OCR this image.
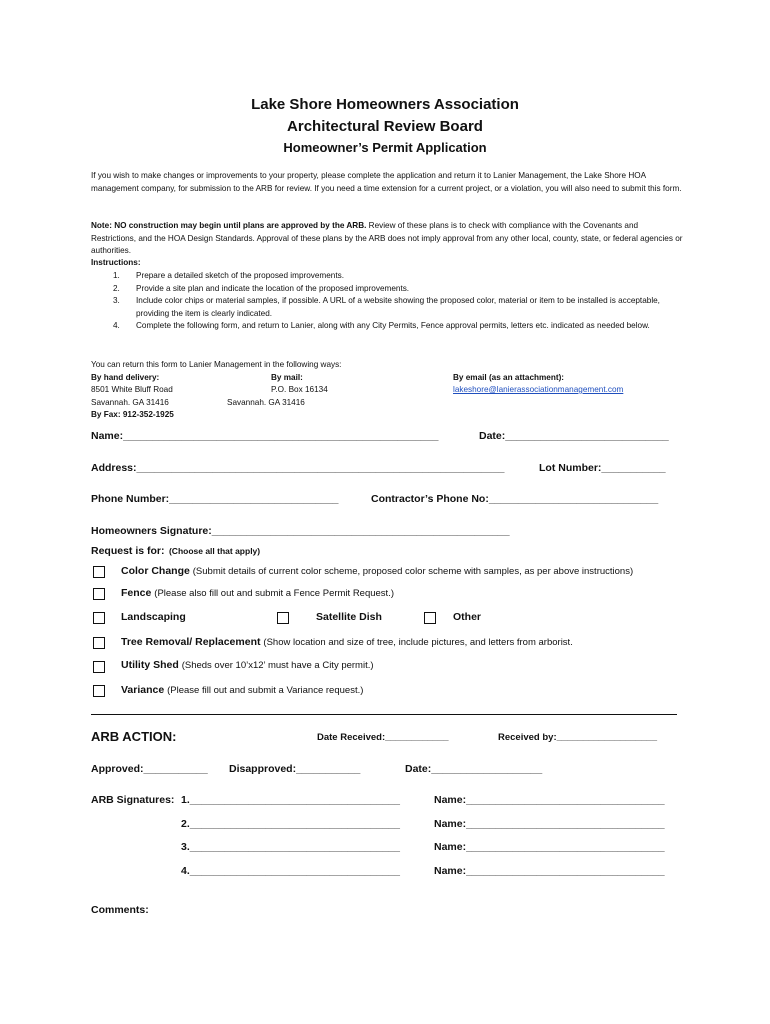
Lake Shore Homeowners Association
Architectural Review Board
Homeowner’s Permit Application
If you wish to make changes or improvements to your property, please complete the application and return it to Lanier Management, the Lake Shore HOA management company, for submission to the ARB for review. If you need a time extension for a current project, or a violation, you will also need to submit this form.
Note: NO construction may begin until plans are approved by the ARB. Review of these plans is to check with compliance with the Covenants and Restrictions, and the HOA Design Standards. Approval of these plans by the ARB does not imply approval from any other local, county, state, or federal agencies or authorities.
Instructions:
1. Prepare a detailed sketch of the proposed improvements.
2. Provide a site plan and indicate the location of the proposed improvements.
3. Include color chips or material samples, if possible. A URL of a website showing the proposed color, material or item to be installed is acceptable, providing the item is clearly indicated.
4. Complete the following form, and return to Lanier, along with any City Permits, Fence approval permits, letters etc. indicated as needed below.
You can return this form to Lanier Management in the following ways:
By hand delivery:
8501 White Bluff Road
Savannah. GA 31416
By Fax: 912-352-1925
By mail:
P.O. Box 16134
Savannah. GA 31416
By email (as an attachment):
lakeshore@lanierassociationmanagement.com
Name:______________________________________________________	Date:____________________________
Address:_______________________________________________________________	Lot Number:___________
Phone Number:_____________________________	Contractor’s Phone No:_____________________________
Homeowners Signature:___________________________________________________
Request is for: (Choose all that apply)
Color Change (Submit details of current color scheme, proposed color scheme with samples, as per above instructions)
Fence (Please also fill out and submit a Fence Permit Request.)
Landscaping	Satellite Dish	Other
Tree Removal/ Replacement (Show location and size of tree, include pictures, and letters from arborist.
Utility Shed (Sheds over 10’x12’ must have a City permit.)
Variance (Please fill out and submit a Variance request.)
ARB ACTION:	Date Received:____________	Received by:___________________
Approved:___________ Disapproved:___________	Date:___________________
ARB Signatures: 1.____________________________________	Name:__________________________________
2.____________________________________	Name:__________________________________
3.____________________________________	Name:__________________________________
4.____________________________________	Name:__________________________________
Comments:
